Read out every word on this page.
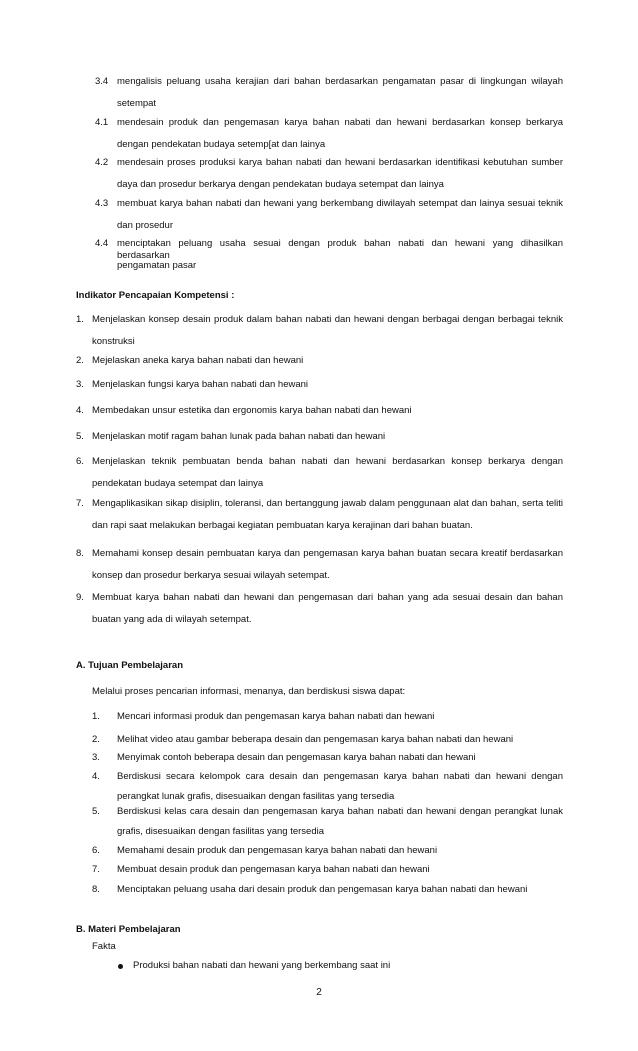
3.4 mengalisis peluang usaha kerajian dari bahan berdasarkan pengamatan pasar di lingkungan wilayah
setempat
4.1 mendesain produk dan pengemasan karya bahan nabati dan hewani berdasarkan konsep berkarya
dengan pendekatan budaya setemp[at dan lainya
4.2 mendesain proses produksi karya bahan nabati dan hewani berdasarkan identifikasi kebutuhan sumber
daya dan prosedur berkarya dengan pendekatan budaya setempat dan lainya
4.3 membuat karya bahan nabati dan hewani yang berkembang diwilayah setempat dan lainya sesuai teknik
dan prosedur
4.4 menciptakan peluang usaha sesuai dengan produk bahan nabati dan hewani yang dihasilkan berdasarkan
pengamatan pasar
Indikator Pencapaian Kompetensi :
1. Menjelaskan konsep desain produk dalam bahan nabati dan hewani dengan berbagai dengan berbagai teknik
konstruksi
2. Mejelaskan aneka karya bahan nabati dan hewani
3. Menjelaskan fungsi karya bahan nabati dan hewani
4. Membedakan unsur estetika dan ergonomis karya bahan nabati dan hewani
5. Menjelaskan motif ragam bahan lunak pada bahan nabati dan hewani
6. Menjelaskan teknik pembuatan benda bahan nabati dan hewani berdasarkan konsep berkarya dengan
pendekatan budaya setempat dan lainya
7. Mengaplikasikan sikap disiplin, toleransi, dan bertanggung jawab dalam penggunaan alat dan bahan, serta teliti
dan rapi saat melakukan berbagai kegiatan pembuatan karya kerajinan dari bahan buatan.
8. Memahami konsep desain pembuatan karya dan pengemasan karya bahan buatan secara kreatif berdasarkan
konsep dan prosedur berkarya sesuai wilayah setempat.
9. Membuat karya bahan nabati dan hewani dan pengemasan dari bahan yang ada sesuai desain dan bahan
buatan yang ada di wilayah setempat.
A. Tujuan Pembelajaran
Melalui proses pencarian informasi, menanya, dan berdiskusi siswa dapat:
1.	Mencari informasi produk dan pengemasan karya bahan nabati dan hewani
2.	Melihat video atau gambar beberapa desain dan pengemasan karya bahan nabati dan hewani
3.	Menyimak contoh beberapa desain dan pengemasan karya bahan nabati dan hewani
4.	Berdiskusi secara kelompok cara desain dan pengemasan karya bahan nabati dan hewani dengan
perangkat lunak grafis, disesuaikan dengan fasilitas yang tersedia
5.	Berdiskusi kelas cara desain dan pengemasan karya bahan nabati dan hewani dengan perangkat lunak
grafis, disesuaikan dengan fasilitas yang tersedia
6.	Memahami desain produk dan pengemasan karya bahan nabati dan hewani
7.	Membuat desain produk dan pengemasan karya bahan nabati dan hewani
8.	Menciptakan peluang usaha dari desain produk dan pengemasan karya bahan nabati dan hewani
B. Materi Pembelajaran
Fakta
Produksi bahan nabati dan hewani yang berkembang saat ini
2
